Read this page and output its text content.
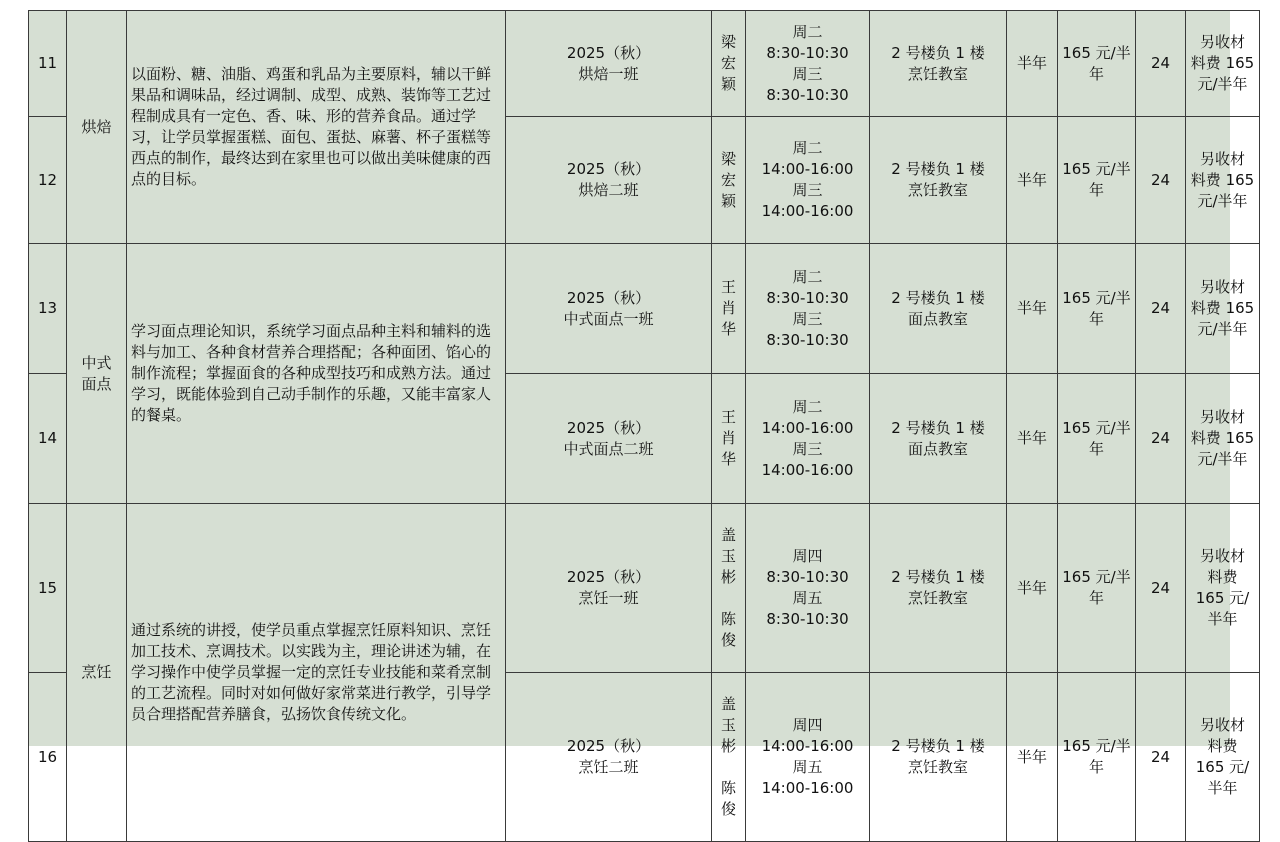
11	烘焙	以面粉、糖、油脂、鸡蛋和乳品为主要原料，辅以干鲜果品和调味品，经过调制、成型、成熟、装饰等工艺过程制成具有一定色、香、味、形的营养食品。通过学习，让学员掌握蛋糕、面包、蛋挞、麻薯、杯子蛋糕等西点的制作，最终达到在家里也可以做出美味健康的西点的目标。	2025（秋）
烘焙一班	梁
宏
颖	周二
8:30-10:30
周三
8:30-10:30	2 号楼负 1 楼
烹饪教室	半年	165 元/半
年	24	另收材
料费 165
元/半年
12			2025（秋）
烘焙二班	梁
宏
颖	周二
14:00-16:00
周三
14:00-16:00	2 号楼负 1 楼
烹饪教室	半年	165 元/半
年	24	另收材
料费 165
元/半年
13	中式
面点	学习面点理论知识，系统学习面点品种主料和辅料的选料与加工、各种食材营养合理搭配；各种面团、馅心的制作流程；掌握面食的各种成型技巧和成熟方法。通过学习，既能体验到自己动手制作的乐趣，又能丰富家人的餐桌。	2025（秋）
中式面点一班	王
肖
华	周二
8:30-10:30
周三
8:30-10:30	2 号楼负 1 楼
面点教室	半年	165 元/半
年	24	另收材
料费 165
元/半年
14			2025（秋）
中式面点二班	王
肖
华	周二
14:00-16:00
周三
14:00-16:00	2 号楼负 1 楼
面点教室	半年	165 元/半
年	24	另收材
料费 165
元/半年
15	烹饪	通过系统的讲授，使学员重点掌握烹饪原料知识、烹饪加工技术、烹调技术。以实践为主，理论讲述为辅，在学习操作中使学员掌握一定的烹饪专业技能和菜肴烹制的工艺流程。同时对如何做好家常菜进行教学，引导学员合理搭配营养膳食，弘扬饮食传统文化。	2025（秋）
烹饪一班	盖
玉
彬
陈
俊	周四
8:30-10:30
周五
8:30-10:30	2 号楼负 1 楼
烹饪教室	半年	165 元/半
年	24	另收材
料费
165 元/
半年
16			2025（秋）
烹饪二班	盖
玉
彬
陈
俊	周四
14:00-16:00
周五
14:00-16:00	2 号楼负 1 楼
烹饪教室	半年	165 元/半
年	24	另收材
料费
165 元/
半年
